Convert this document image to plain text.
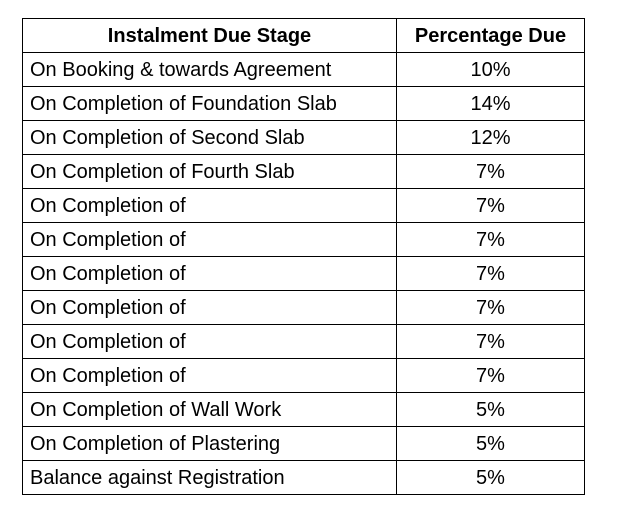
Instalment Due Stage	Percentage Due
On Booking & towards Agreement	10%
On Completion of Foundation Slab	14%
On Completion of Second Slab	12%
On Completion of Fourth Slab	7%
On Completion of	7%
On Completion of	7%
On Completion of	7%
On Completion of	7%
On Completion of	7%
On Completion of	7%
On Completion of Wall Work	5%
On Completion of Plastering	5%
Balance against Registration	5%
